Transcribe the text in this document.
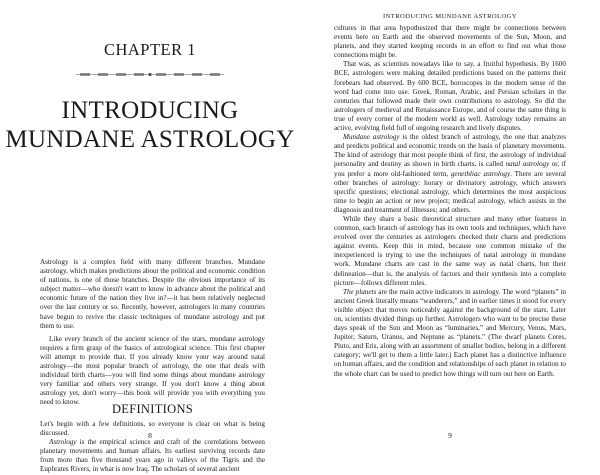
CHAPTER 1
INTRODUCING
MUNDANE ASTROLOGY

Astrology is a complex field with many different branches. Mundane astrology, which makes predictions about the political and economic condition of nations, is one of those branches. Despite the obvious importance of its subject matter—who doesn't want to know in advance about the political and economic future of the nation they live in?—it has been relatively neglected over the last century or so. Recently, however, astrologers in many countries have begun to revive the classic techniques of mundane astrology and put them to use.

Like every branch of the ancient science of the stars, mundane astrology requires a firm grasp of the basics of astrological science. This first chapter will attempt to provide that. If you already know your way around natal astrology—the most popular branch of astrology, the one that deals with individual birth charts—you will find some things about mundane astrology very familiar and others very strange. If you don't know a thing about astrology yet, don't worry—this book will provide you with everything you need to know.	DEFINITIONS

Let's begin with a few definitions, so everyone is clear on what is being discussed.

Astrology is the empirical science and craft of the correlations between planetary movements and human affairs. Its earliest surviving records date from more than five thousand years ago in valleys of the Tigris and the Euphrates Rivers, in what is now Iraq. The scholars of several ancient

8
INTRODUCING MUNDANE ASTROLOGY

cultures in that area hypothesized that there might be connections between events here on Earth and the observed movements of the Sun, Moon, and planets, and they started keeping records in an effort to find out what those connections might be.

That was, as scientists nowadays like to say, a fruitful hypothesis. By 1600 BCE, astrologers were making detailed predictions based on the patterns their forebears had observed. By 600 BCE, horoscopes in the modern sense of the word had come into use. Greek, Roman, Arabic, and Persian scholars in the centuries that followed made their own contributions to astrology. So did the astrologers of medieval and Renaissance Europe, and of course the same thing is true of every corner of the modern world as well. Astrology today remains an active, evolving field full of ongoing research and lively disputes.

Mundane astrology is the oldest branch of astrology, the one that analyzes and predicts political and economic trends on the basis of planetary movements. The kind of astrology that most people think of first, the astrology of individual personality and destiny as shown in birth charts, is called natal astrology or, if you prefer a more old-fashioned term, genethliac astrology. There are several other branches of astrology: horary or divinatory astrology, which answers specific questions; electional astrology, which determines the most auspicious time to begin an action or new project; medical astrology, which assists in the diagnosis and treatment of illnesses; and others.

While they share a basic theoretical structure and many other features in common, each branch of astrology has its own tools and techniques, which have evolved over the centuries as astrologers checked their charts and predictions against events. Keep this in mind, because one common mistake of the inexperienced is trying to use the techniques of natal astrology in mundane work. Mundane charts are cast in the same way as natal charts, but their delineation—that is, the analysis of factors and their synthesis into a complete picture—follows different rules.

The planets are the main active indicators in astrology. The word “planets” in ancient Greek literally means “wanderers,” and in earlier times it stood for every visible object that moves noticeably against the background of the stars. Later on, scientists divided things up further. Astrologers who want to be precise these days speak of the Sun and Moon as “luminaries,” and Mercury, Venus, Mars, Jupiter, Saturn, Uranus, and Neptune as “planets.” (The dwarf planets Ceres, Pluto, and Eris, along with an assortment of smaller bodies, belong in a different category; we'll get to them a little later.) Each planet has a distinctive influence on human affairs, and the condition and relationships of each planet in relation to the whole chart can be used to predict how things will turn out here on Earth.

9
